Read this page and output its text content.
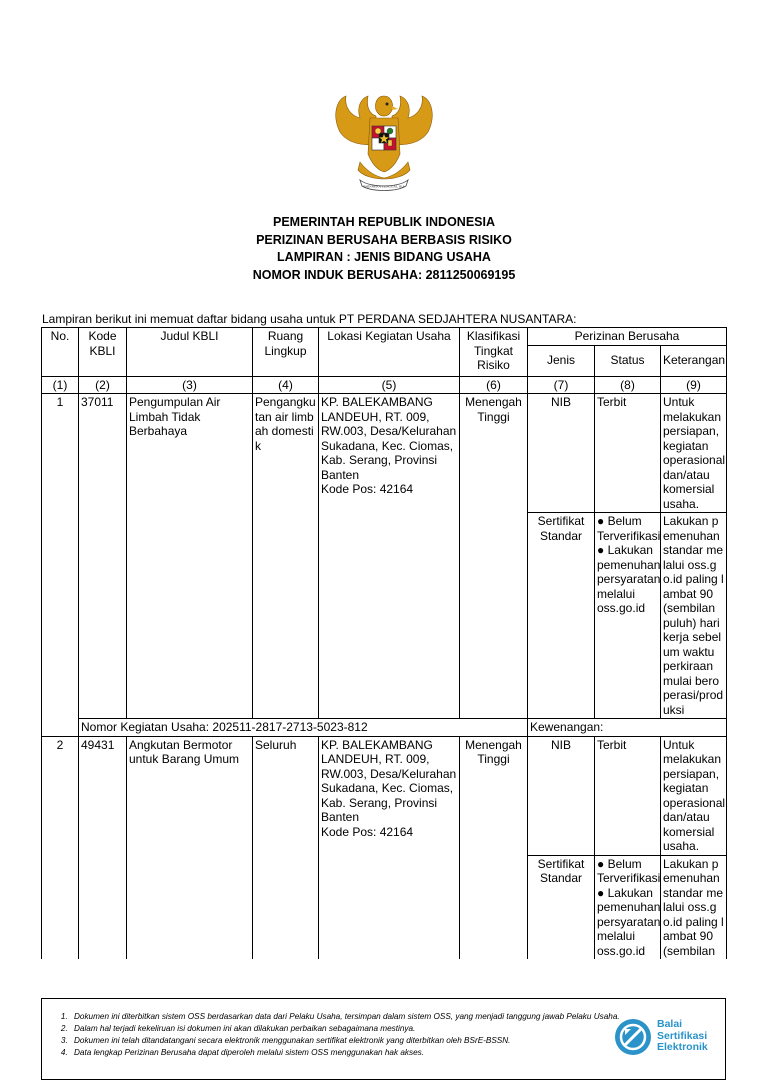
BHINNEKA TUNGGAL IKA
PEMERINTAH REPUBLIK INDONESIA
PERIZINAN BERUSAHA BERBASIS RISIKO
LAMPIRAN : JENIS BIDANG USAHA
NOMOR INDUK BERUSAHA: 2811250069195
Lampiran berikut ini memuat daftar bidang usaha untuk PT PERDANA SEDJAHTERA NUSANTARA:
No.	Kode KBLI	Judul KBLI	Ruang Lingkup	Lokasi Kegiatan Usaha	Klasifikasi Tingkat Risiko	Perizinan Berusaha		
						Jenis	Status	Keterangan
(1)	(2)	(3)	(4)	(5)	(6)	(7)	(8)	(9)
1	37011	Pengumpulan Air Limbah Tidak Berbahaya	Pengangkutan air limbah domestik	KP. BALEKAMBANG LANDEUH, RT. 009, RW.003, Desa/Kelurahan Sukadana, Kec. Ciomas, Kab. Serang, Provinsi Banten
Kode Pos: 42164	Menengah Tinggi	NIB	Terbit	Untuk melakukan persiapan, kegiatan operasional dan/atau komersial usaha.
						Sertifikat Standar	● Belum Terverifikasi
● Lakukan pemenuhan persyaratan melalui oss.go.id	Lakukan pemenuhan standar melalui oss.go.id paling lambat 90 (sembilan puluh) hari kerja sebelum waktu perkiraan mulai beroperasi/produksi
	Nomor Kegiatan Usaha: 202511-2817-2713-5023-812					Kewenangan:		
2	49431	Angkutan Bermotor untuk Barang Umum	Seluruh	KP. BALEKAMBANG LANDEUH, RT. 009, RW.003, Desa/Kelurahan Sukadana, Kec. Ciomas, Kab. Serang, Provinsi Banten
Kode Pos: 42164	Menengah Tinggi	NIB	Terbit	Untuk melakukan persiapan, kegiatan operasional dan/atau komersial usaha.
						Sertifikat Standar	● Belum Terverifikasi
● Lakukan pemenuhan persyaratan melalui oss.go.id	Lakukan pemenuhan standar melalui oss.go.id paling lambat 90 (sembilan
1. Dokumen ini diterbitkan sistem OSS berdasarkan data dari Pelaku Usaha, tersimpan dalam sistem OSS, yang menjadi tanggung jawab Pelaku Usaha.
2. Dalam hal terjadi kekeliruan isi dokumen ini akan dilakukan perbaikan sebagaimana mestinya.
3. Dokumen ini telah ditandatangani secara elektronik menggunakan sertifikat elektronik yang diterbitkan oleh BSrE-BSSN.
4. Data lengkap Perizinan Berusaha dapat diperoleh melalui sistem OSS menggunakan hak akses.
Balai
Sertifikasi
Elektronik
